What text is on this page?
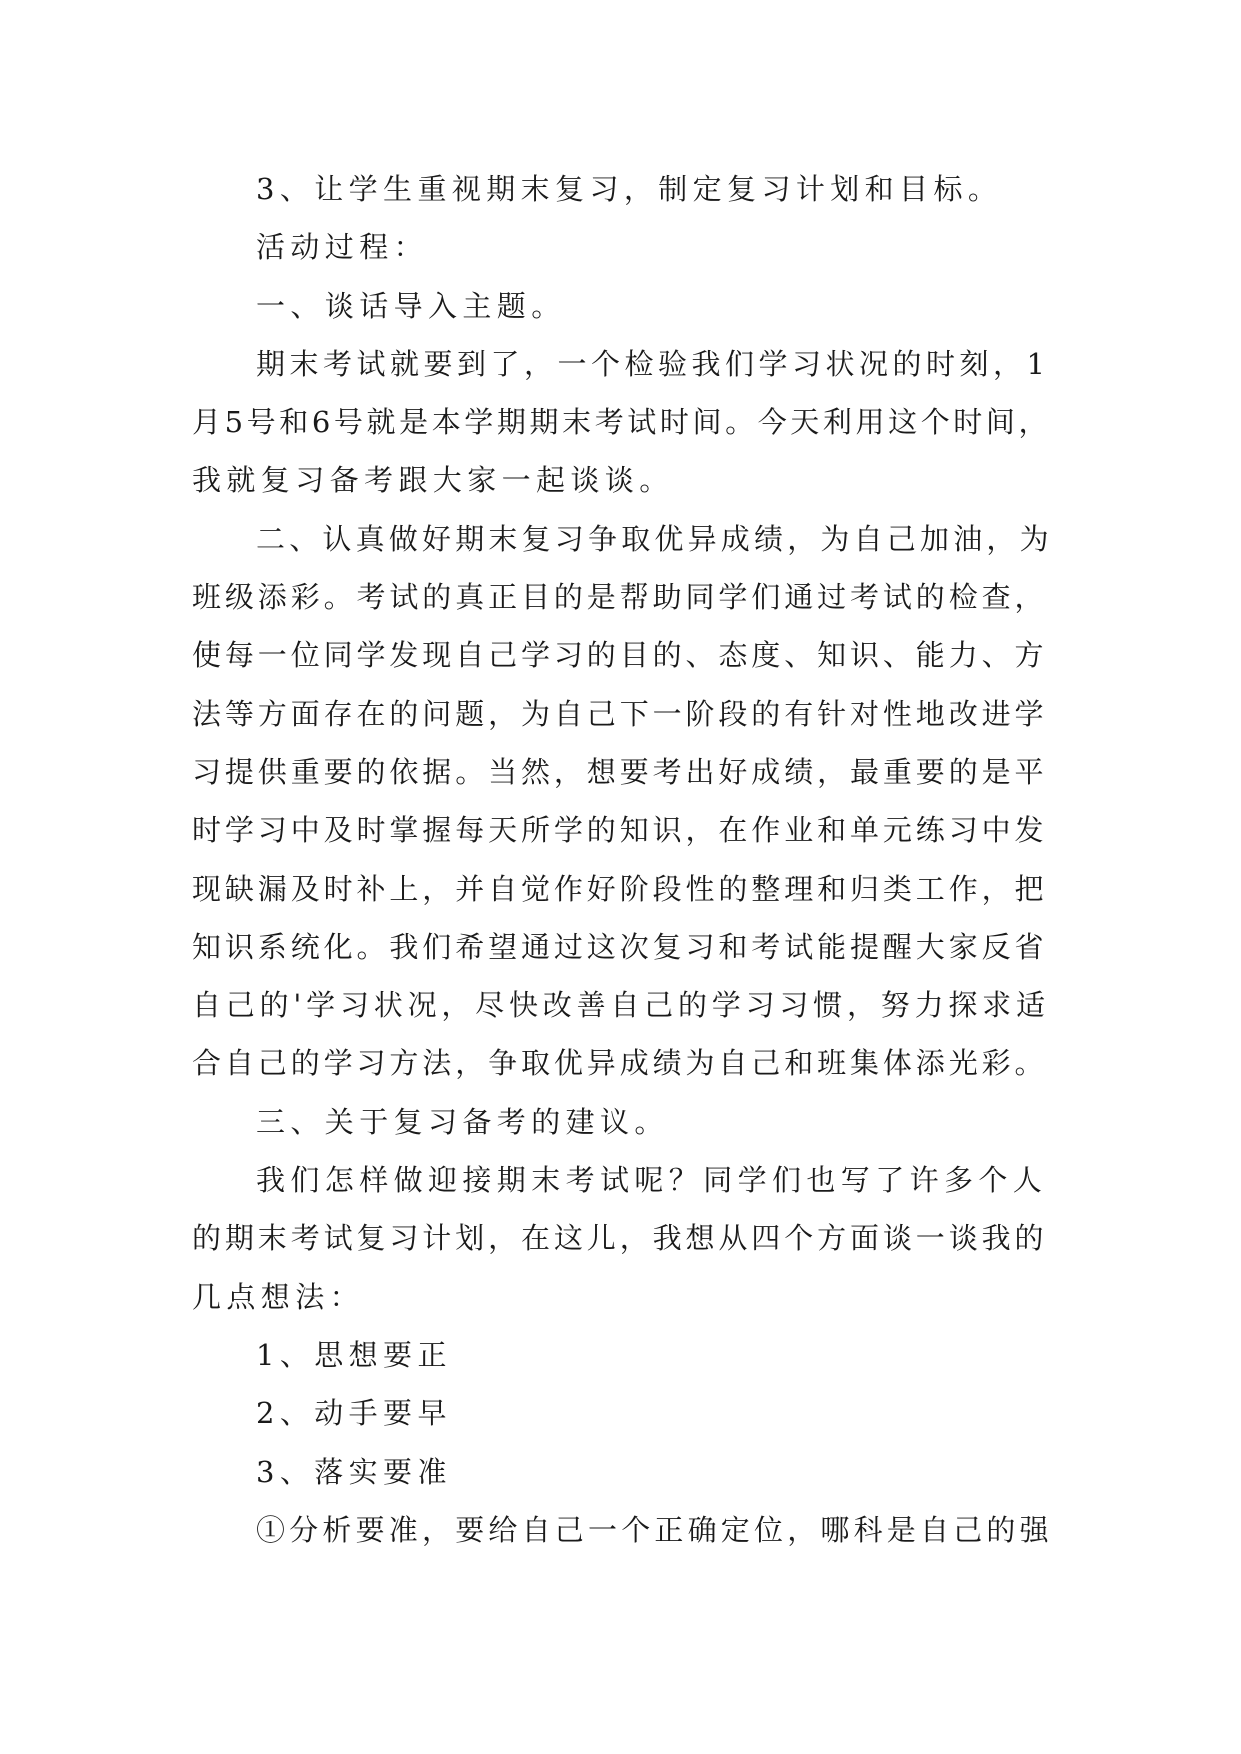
3、让学生重视期末复习，制定复习计划和目标。
活动过程：
一、谈话导入主题。
期末考试就要到了，一个检验我们学习状况的时刻，1
月5号和6号就是本学期期末考试时间。今天利用这个时间，
我就复习备考跟大家一起谈谈。
二、认真做好期末复习争取优异成绩，为自己加油，为
班级添彩。考试的真正目的是帮助同学们通过考试的检查，
使每一位同学发现自己学习的目的、态度、知识、能力、方
法等方面存在的问题，为自己下一阶段的有针对性地改进学
习提供重要的依据。当然，想要考出好成绩，最重要的是平
时学习中及时掌握每天所学的知识，在作业和单元练习中发
现缺漏及时补上，并自觉作好阶段性的整理和归类工作，把
知识系统化。我们希望通过这次复习和考试能提醒大家反省
自己的'学习状况，尽快改善自己的学习习惯，努力探求适
合自己的学习方法，争取优异成绩为自己和班集体添光彩。
三、关于复习备考的建议。
我们怎样做迎接期末考试呢？同学们也写了许多个人
的期末考试复习计划，在这儿，我想从四个方面谈一谈我的
几点想法：
1、思想要正
2、动手要早
3、落实要准
①分析要准，要给自己一个正确定位，哪科是自己的强
